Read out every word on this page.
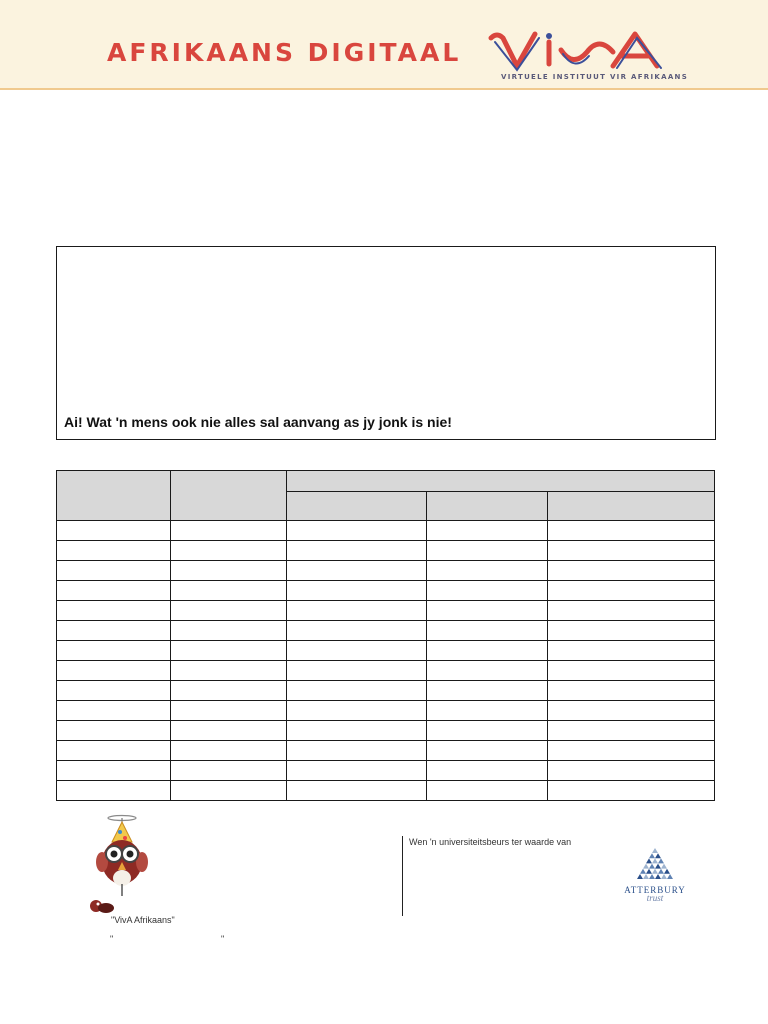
AFRIKAANS DIGITAAL
VIRTUELE INSTITUUT VIR AFRIKAANS
Ai! Wat 'n mens ook nie alles sal aanvang as jy jonk is nie!

"VivA Afrikaans"
"	"
Wen 'n universiteitsbeurs ter waarde van
ATTERBURY
trust
